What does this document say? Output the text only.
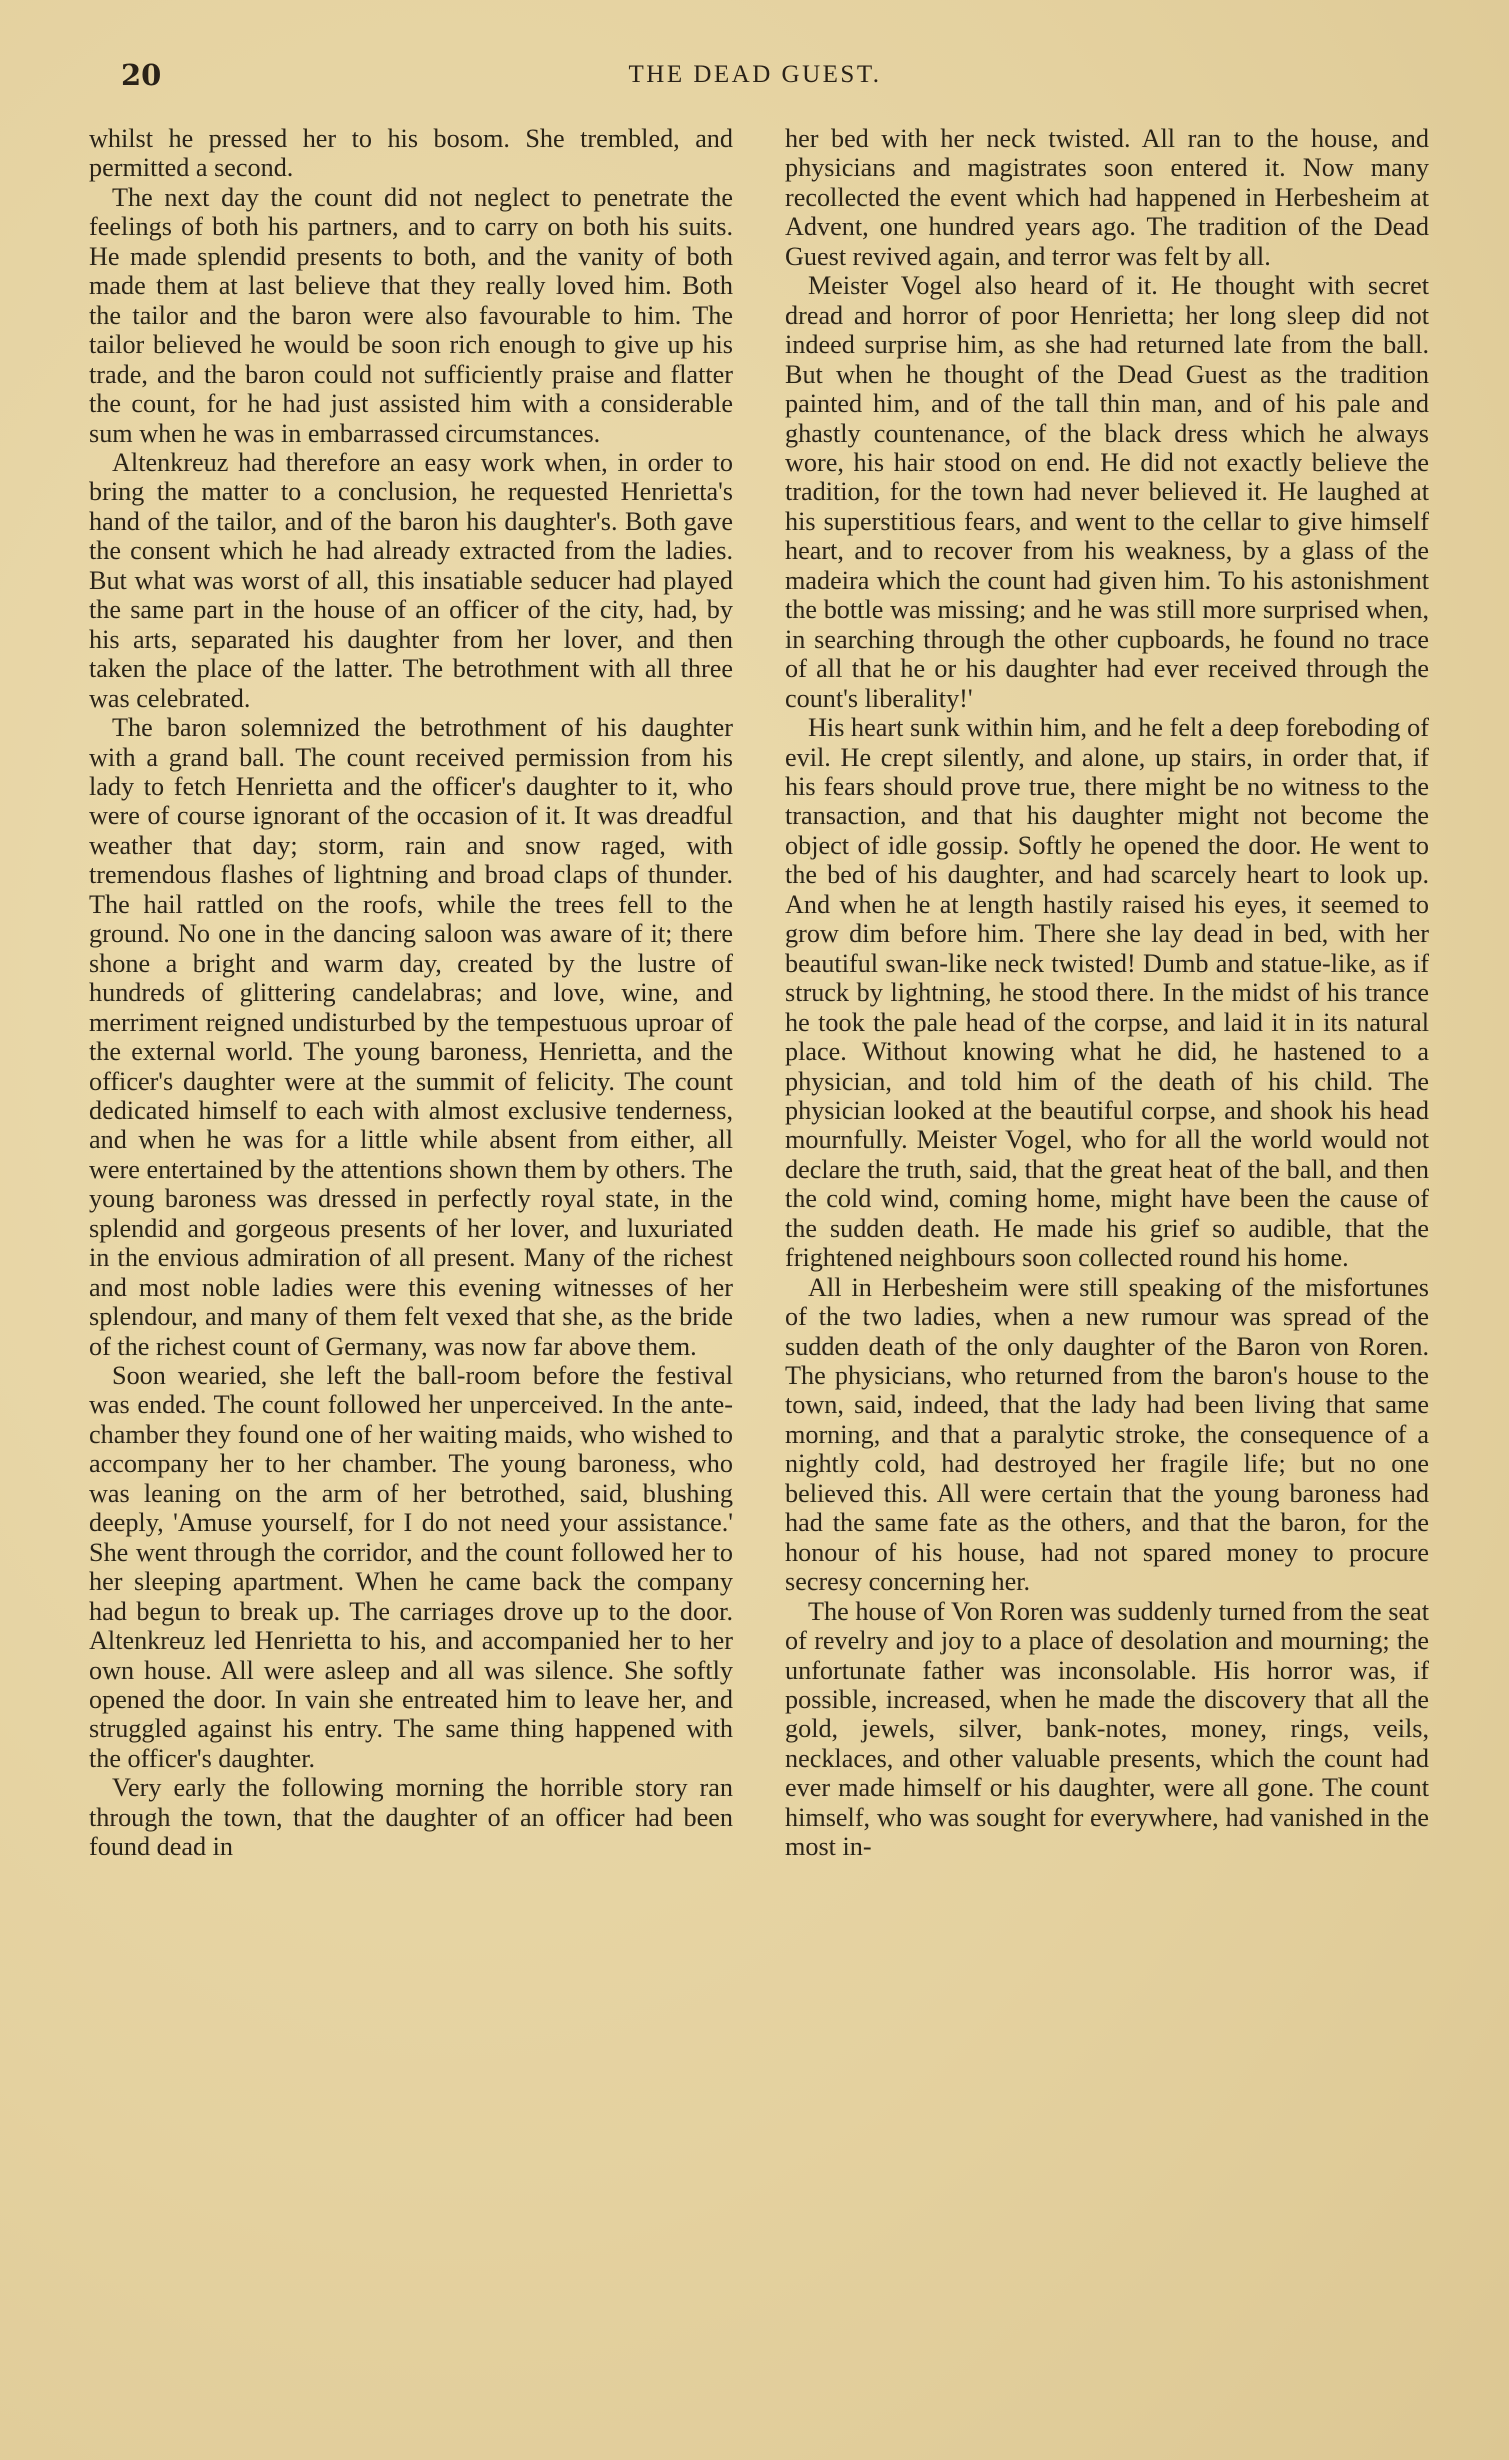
20	THE DEAD GUEST.

whilst he pressed her to his bosom. She trembled, and permitted a second.

The next day the count did not neglect to penetrate the feelings of both his partners, and to carry on both his suits. He made splendid presents to both, and the vanity of both made them at last believe that they really loved him. Both the tailor and the baron were also favourable to him. The tailor believed he would be soon rich enough to give up his trade, and the baron could not sufficiently praise and flatter the count, for he had just assisted him with a considerable sum when he was in embarrassed circumstances.

Altenkreuz had therefore an easy work when, in order to bring the matter to a conclusion, he requested Henrietta's hand of the tailor, and of the baron his daughter's. Both gave the consent which he had already extracted from the ladies. But what was worst of all, this insatiable seducer had played the same part in the house of an officer of the city, had, by his arts, separated his daughter from her lover, and then taken the place of the latter. The betrothment with all three was celebrated.

The baron solemnized the betrothment of his daughter with a grand ball. The count received permission from his lady to fetch Henrietta and the officer's daughter to it, who were of course ignorant of the occasion of it. It was dreadful weather that day; storm, rain and snow raged, with tremendous flashes of lightning and broad claps of thunder. The hail rattled on the roofs, while the trees fell to the ground. No one in the dancing saloon was aware of it; there shone a bright and warm day, created by the lustre of hundreds of glittering candelabras; and love, wine, and merriment reigned undisturbed by the tempestuous uproar of the external world. The young baroness, Henrietta, and the officer's daughter were at the summit of felicity. The count dedicated himself to each with almost exclusive tenderness, and when he was for a little while absent from either, all were entertained by the attentions shown them by others. The young baroness was dressed in perfectly royal state, in the splendid and gorgeous presents of her lover, and luxuriated in the envious admiration of all present. Many of the richest and most noble ladies were this evening witnesses of her splendour, and many of them felt vexed that she, as the bride of the richest count of Germany, was now far above them.

Soon wearied, she left the ball-room before the festival was ended. The count followed her unperceived. In the ante-chamber they found one of her waiting maids, who wished to accompany her to her chamber. The young baroness, who was leaning on the arm of her betrothed, said, blushing deeply, 'Amuse yourself, for I do not need your assistance.' She went through the corridor, and the count followed her to her sleeping apartment. When he came back the company had begun to break up. The carriages drove up to the door. Altenkreuz led Henrietta to his, and accompanied her to her own house. All were asleep and all was silence. She softly opened the door. In vain she entreated him to leave her, and struggled against his entry. The same thing happened with the officer's daughter.

Very early the following morning the horrible story ran through the town, that the daughter of an officer had been found dead in

her bed with her neck twisted. All ran to the house, and physicians and magistrates soon entered it. Now many recollected the event which had happened in Herbesheim at Advent, one hundred years ago. The tradition of the Dead Guest revived again, and terror was felt by all.

Meister Vogel also heard of it. He thought with secret dread and horror of poor Henrietta; her long sleep did not indeed surprise him, as she had returned late from the ball. But when he thought of the Dead Guest as the tradition painted him, and of the tall thin man, and of his pale and ghastly countenance, of the black dress which he always wore, his hair stood on end. He did not exactly believe the tradition, for the town had never believed it. He laughed at his superstitious fears, and went to the cellar to give himself heart, and to recover from his weakness, by a glass of the madeira which the count had given him. To his astonishment the bottle was missing; and he was still more surprised when, in searching through the other cupboards, he found no trace of all that he or his daughter had ever received through the count's liberality!'

His heart sunk within him, and he felt a deep foreboding of evil. He crept silently, and alone, up stairs, in order that, if his fears should prove true, there might be no witness to the transaction, and that his daughter might not become the object of idle gossip. Softly he opened the door. He went to the bed of his daughter, and had scarcely heart to look up. And when he at length hastily raised his eyes, it seemed to grow dim before him. There she lay dead in bed, with her beautiful swan-like neck twisted! Dumb and statue-like, as if struck by lightning, he stood there. In the midst of his trance he took the pale head of the corpse, and laid it in its natural place. Without knowing what he did, he hastened to a physician, and told him of the death of his child. The physician looked at the beautiful corpse, and shook his head mournfully. Meister Vogel, who for all the world would not declare the truth, said, that the great heat of the ball, and then the cold wind, coming home, might have been the cause of the sudden death. He made his grief so audible, that the frightened neighbours soon collected round his home.

All in Herbesheim were still speaking of the misfortunes of the two ladies, when a new rumour was spread of the sudden death of the only daughter of the Baron von Roren. The physicians, who returned from the baron's house to the town, said, indeed, that the lady had been living that same morning, and that a paralytic stroke, the consequence of a nightly cold, had destroyed her fragile life; but no one believed this. All were certain that the young baroness had had the same fate as the others, and that the baron, for the honour of his house, had not spared money to procure secresy concerning her.

The house of Von Roren was suddenly turned from the seat of revelry and joy to a place of desolation and mourning; the unfortunate father was inconsolable. His horror was, if possible, increased, when he made the discovery that all the gold, jewels, silver, bank-notes, money, rings, veils, necklaces, and other valuable presents, which the count had ever made himself or his daughter, were all gone. The count himself, who was sought for everywhere, had vanished in the most in-
